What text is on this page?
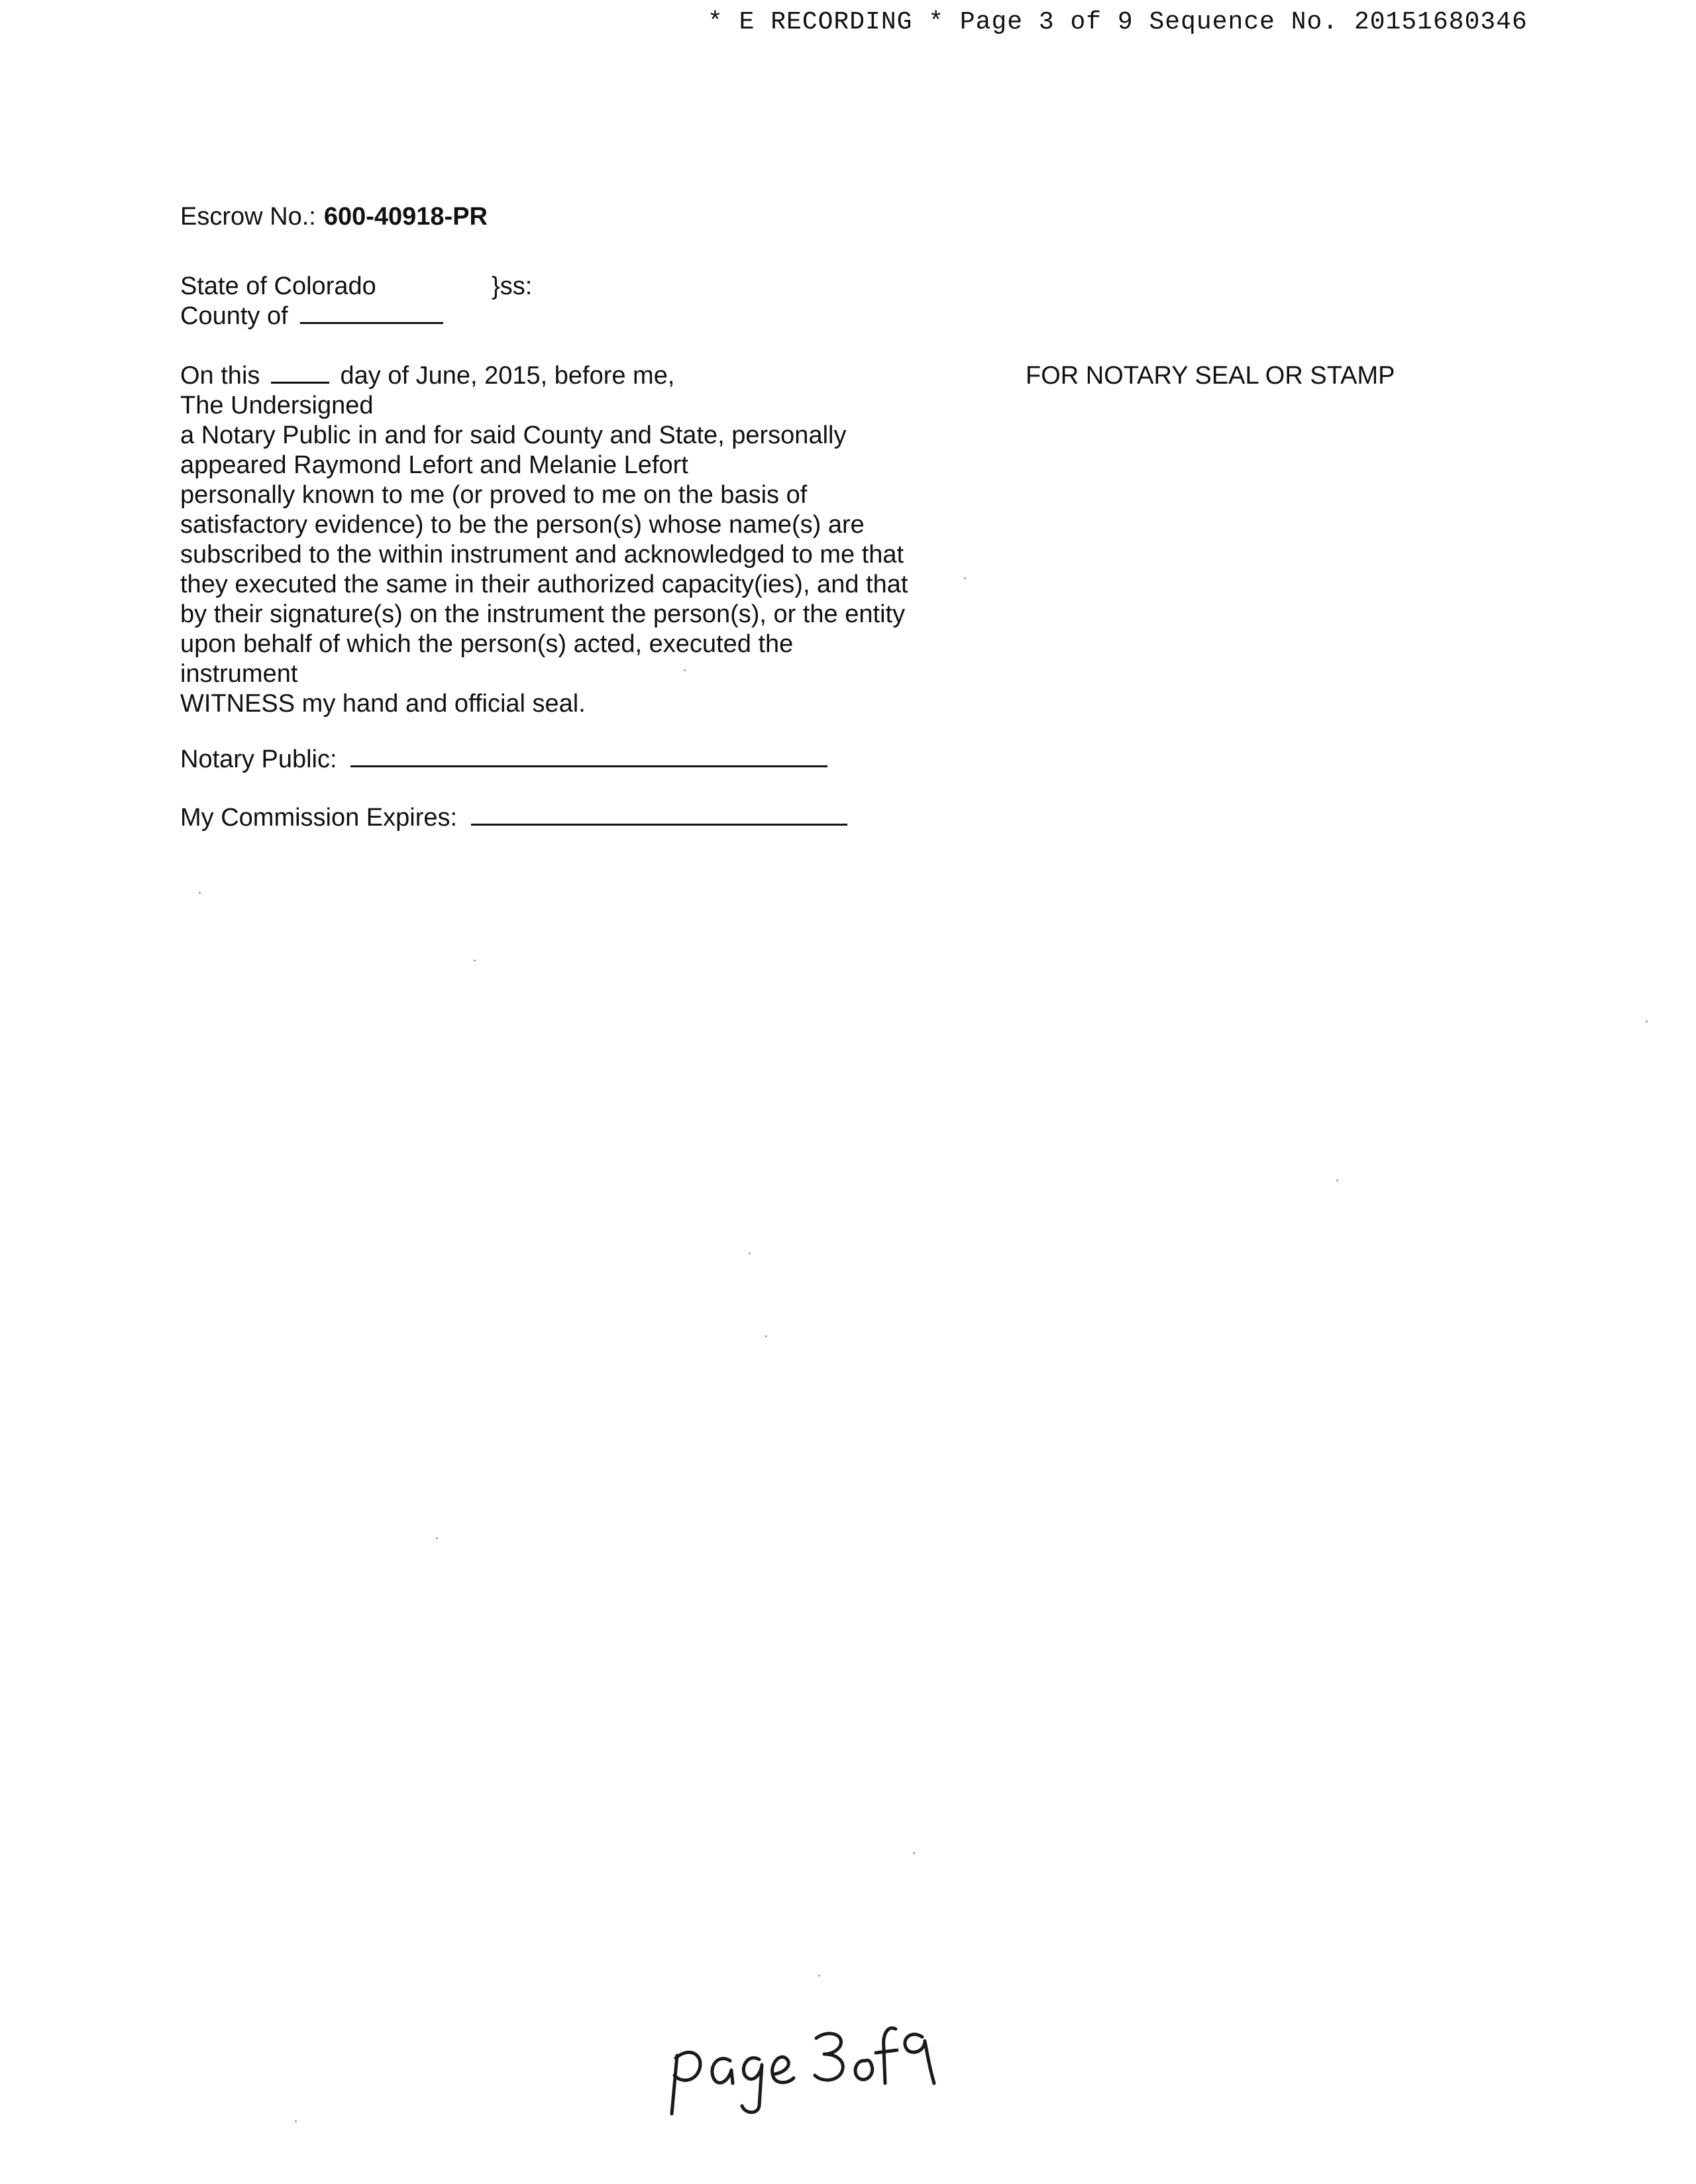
* E RECORDING * Page 3 of 9 Sequence No. 20151680346
Escrow No.: 600-40918-PR
State of Colorado	}ss:
County of
On this	day of June, 2015, before me,
The Undersigned
a Notary Public in and for said County and State, personally
appeared Raymond Lefort and Melanie Lefort
personally known to me (or proved to me on the basis of
satisfactory evidence) to be the person(s) whose name(s) are
subscribed to the within instrument and acknowledged to me that
they executed the same in their authorized capacity(ies), and that
by their signature(s) on the instrument the person(s), or the entity
upon behalf of which the person(s) acted, executed the
instrument
WITNESS my hand and official seal.
FOR NOTARY SEAL OR STAMP
Notary Public:
My Commission Expires:
